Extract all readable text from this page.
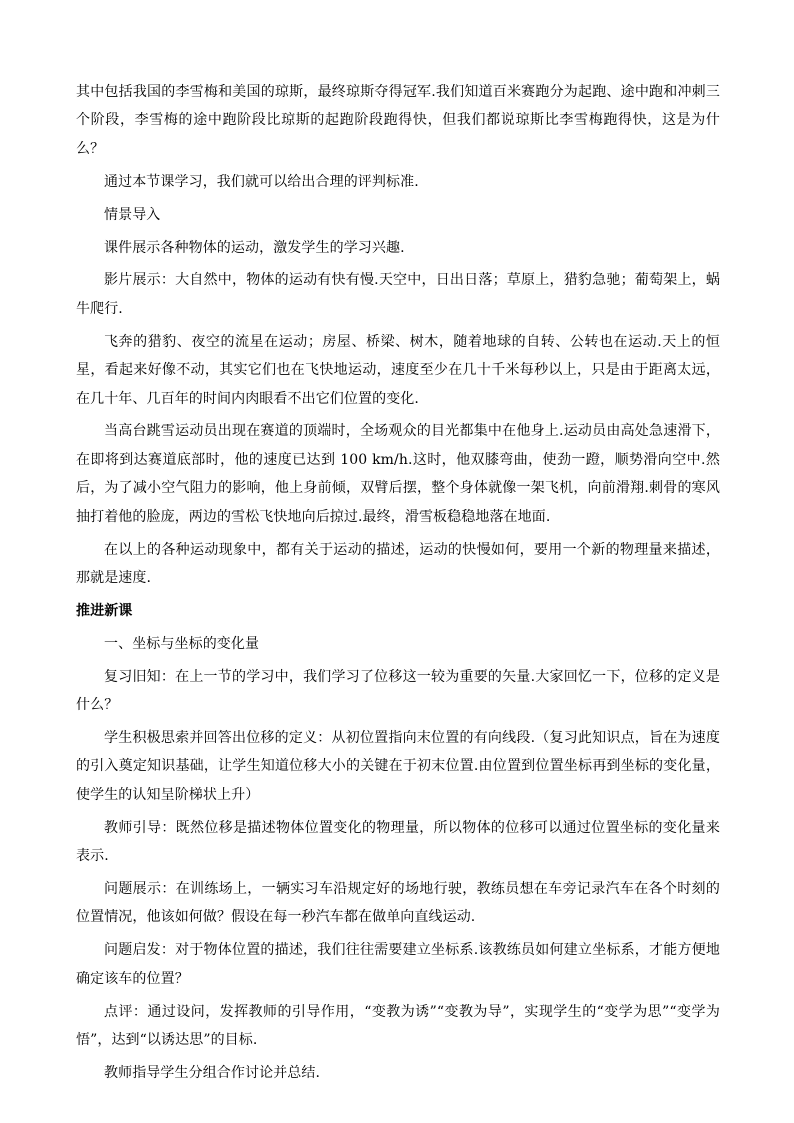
其中包括我国的李雪梅和美国的琼斯，最终琼斯夺得冠军.我们知道百米赛跑分为起跑、途中跑和冲刺三个阶段，李雪梅的途中跑阶段比琼斯的起跑阶段跑得快，但我们都说琼斯比李雪梅跑得快，这是为什么？

通过本节课学习，我们就可以给出合理的评判标准.

情景导入

课件展示各种物体的运动，激发学生的学习兴趣.

影片展示：大自然中，物体的运动有快有慢.天空中，日出日落；草原上，猎豹急驰；葡萄架上，蜗牛爬行.

飞奔的猎豹、夜空的流星在运动；房屋、桥梁、树木，随着地球的自转、公转也在运动.天上的恒星，看起来好像不动，其实它们也在飞快地运动，速度至少在几十千米每秒以上，只是由于距离太远，在几十年、几百年的时间内肉眼看不出它们位置的变化.

当高台跳雪运动员出现在赛道的顶端时，全场观众的目光都集中在他身上.运动员由高处急速滑下，在即将到达赛道底部时，他的速度已达到 100 km/h.这时，他双膝弯曲，使劲一蹬，顺势滑向空中.然后，为了减小空气阻力的影响，他上身前倾，双臂后摆，整个身体就像一架飞机，向前滑翔.刺骨的寒风抽打着他的脸庞，两边的雪松飞快地向后掠过.最终，滑雪板稳稳地落在地面.

在以上的各种运动现象中，都有关于运动的描述，运动的快慢如何，要用一个新的物理量来描述，那就是速度.

推进新课

一、坐标与坐标的变化量

复习旧知：在上一节的学习中，我们学习了位移这一较为重要的矢量.大家回忆一下，位移的定义是什么？

学生积极思索并回答出位移的定义：从初位置指向末位置的有向线段.（复习此知识点，旨在为速度的引入奠定知识基础，让学生知道位移大小的关键在于初末位置.由位置到位置坐标再到坐标的变化量，使学生的认知呈阶梯状上升）

教师引导：既然位移是描述物体位置变化的物理量，所以物体的位移可以通过位置坐标的变化量来表示.

问题展示：在训练场上，一辆实习车沿规定好的场地行驶，教练员想在车旁记录汽车在各个时刻的位置情况，他该如何做？假设在每一秒汽车都在做单向直线运动.

问题启发：对于物体位置的描述，我们往往需要建立坐标系.该教练员如何建立坐标系，才能方便地确定该车的位置？

点评：通过设问，发挥教师的引导作用，“变教为诱”“变教为导”，实现学生的“变学为思”“变学为悟”，达到“以诱达思”的目标.

教师指导学生分组合作讨论并总结.
